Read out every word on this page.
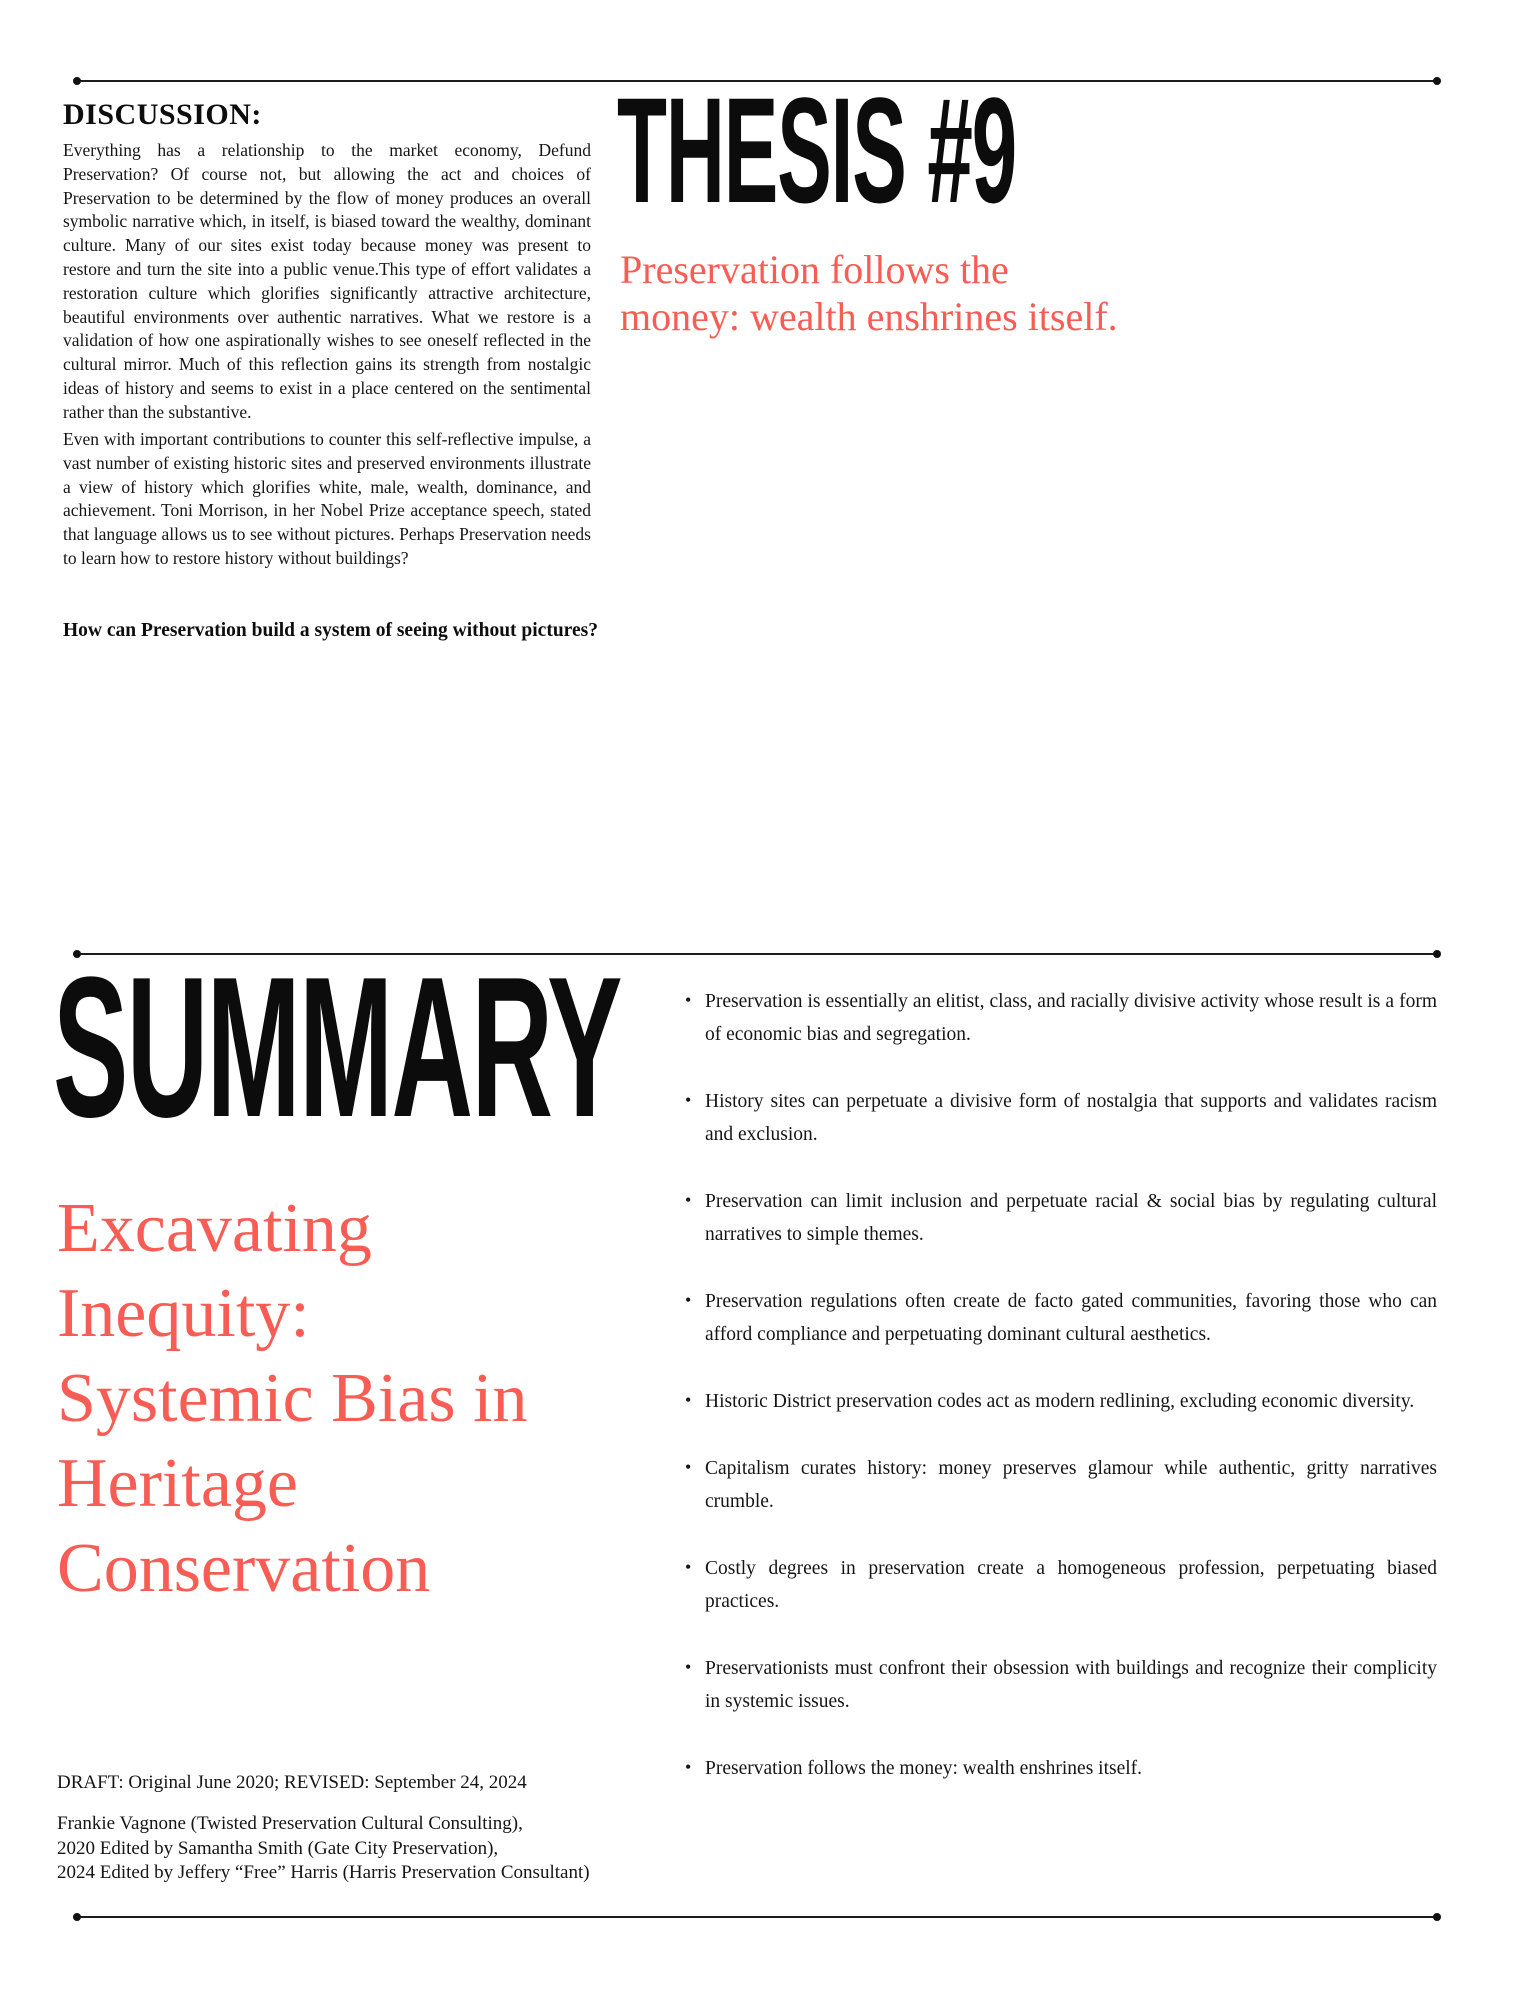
DISCUSSION:
Everything has a relationship to the market economy, Defund Preservation? Of course not, but allowing the act and choices of Preservation to be determined by the flow of money produces an overall symbolic narrative which, in itself, is biased toward the wealthy, dominant culture. Many of our sites exist today because money was present to restore and turn the site into a public venue.This type of effort validates a restoration culture which glorifies significantly attractive architecture, beautiful environments over authentic narratives. What we restore is a validation of how one aspirationally wishes to see oneself reflected in the cultural mirror. Much of this reflection gains its strength from nostalgic ideas of history and seems to exist in a place centered on the sentimental rather than the substantive.
Even with important contributions to counter this self-reflective impulse, a vast number of existing historic sites and preserved environments illustrate a view of history which glorifies white, male, wealth, dominance, and achievement. Toni Morrison, in her Nobel Prize acceptance speech, stated that language allows us to see without pictures. Perhaps Preservation needs to learn how to restore history without buildings?
How can Preservation build a system of seeing without pictures?
THESIS #9
Preservation follows the
money: wealth enshrines itself.
SUMMARY
Excavating
Inequity:
Systemic Bias in
Heritage
Conservation
• Preservation is essentially an elitist, class, and racially divisive activity whose result is a form of economic bias and segregation.
• History sites can perpetuate a divisive form of nostalgia that supports and validates racism and exclusion.
• Preservation can limit inclusion and perpetuate racial & social bias by regulating cultural narratives to simple themes.
• Preservation regulations often create de facto gated communities, favoring those who can afford compliance and perpetuating dominant cultural aesthetics.
• Historic District preservation codes act as modern redlining, excluding economic diversity.
• Capitalism curates history: money preserves glamour while authentic, gritty narratives crumble.
• Costly degrees in preservation create a homogeneous profession, perpetuating biased practices.
• Preservationists must confront their obsession with buildings and recognize their complicity in systemic issues.
• Preservation follows the money: wealth enshrines itself.
DRAFT: Original June 2020; REVISED: September 24, 2024
Frankie Vagnone (Twisted Preservation Cultural Consulting),
2020 Edited by Samantha Smith (Gate City Preservation),
2024 Edited by Jeffery “Free” Harris (Harris Preservation Consultant)
